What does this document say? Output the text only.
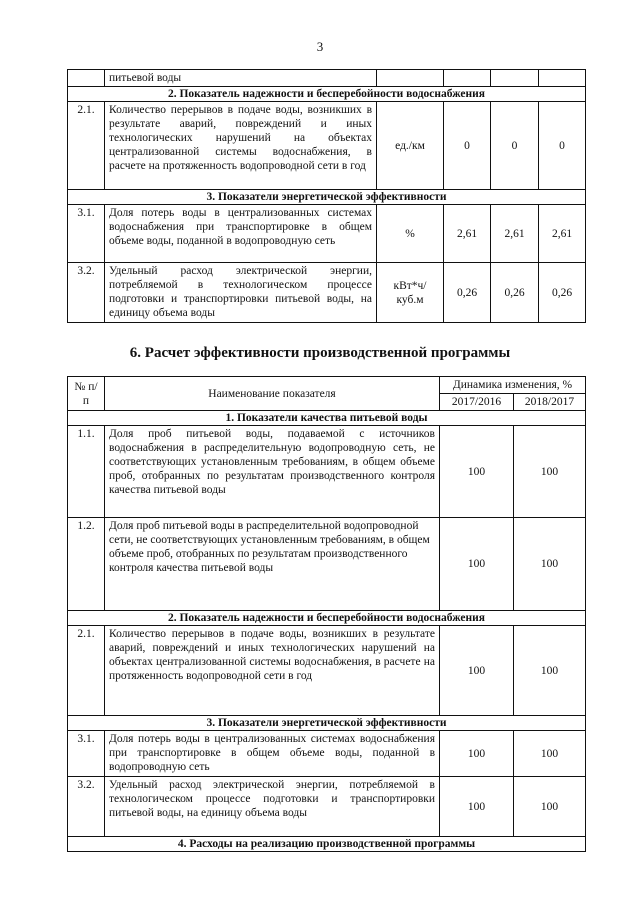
3
	питьевой воды				
2. Показатель надежности и бесперебойности водоснабжения					
2.1.	Количество перерывов в подаче воды, возникших в результате аварий, повреждений и иных технологических нарушений на объектах централизованной системы водоснабжения, в расчете на протяженность водопроводной сети в год	ед./км	0	0	0
3. Показатели энергетической эффективности					
3.1.	Доля потерь воды в централизованных системах водоснабжения при транспортировке в общем объеме воды, поданной в водопроводную сеть	%	2,61	2,61	2,61
3.2.	Удельный расход электрической энергии, потребляемой в технологическом процессе подготовки и транспортировки питьевой воды, на единицу объема воды	кВт*ч/ куб.м	0,26	0,26	0,26
6. Расчет эффективности производственной программы
№ п/п	Наименование показателя	Динамика изменения, %	
		2017/2016	2018/2017
1. Показатели качества питьевой воды			
1.1.	Доля проб питьевой воды, подаваемой с источников водоснабжения в распределительную водопроводную сеть, не соответствующих установленным требованиям, в общем объеме проб, отобранных по результатам производственного контроля качества питьевой воды	100	100
1.2.	Доля проб питьевой воды в распределительной водопроводной сети, не соответствующих установленным требованиям, в общем объеме проб, отобранных по результатам производственного контроля качества питьевой воды	100	100
2. Показатель надежности и бесперебойности водоснабжения			
2.1.	Количество перерывов в подаче воды, возникших в результате аварий, повреждений и иных технологических нарушений на объектах централизованной системы водоснабжения, в расчете на протяженность водопроводной сети в год	100	100
3. Показатели энергетической эффективности			
3.1.	Доля потерь воды в централизованных системах водоснабжения при транспортировке в общем объеме воды, поданной в водопроводную сеть	100	100
3.2.	Удельный расход электрической энергии, потребляемой в технологическом процессе подготовки и транспортировки питьевой воды, на единицу объема воды	100	100
4. Расходы на реализацию производственной программы			
